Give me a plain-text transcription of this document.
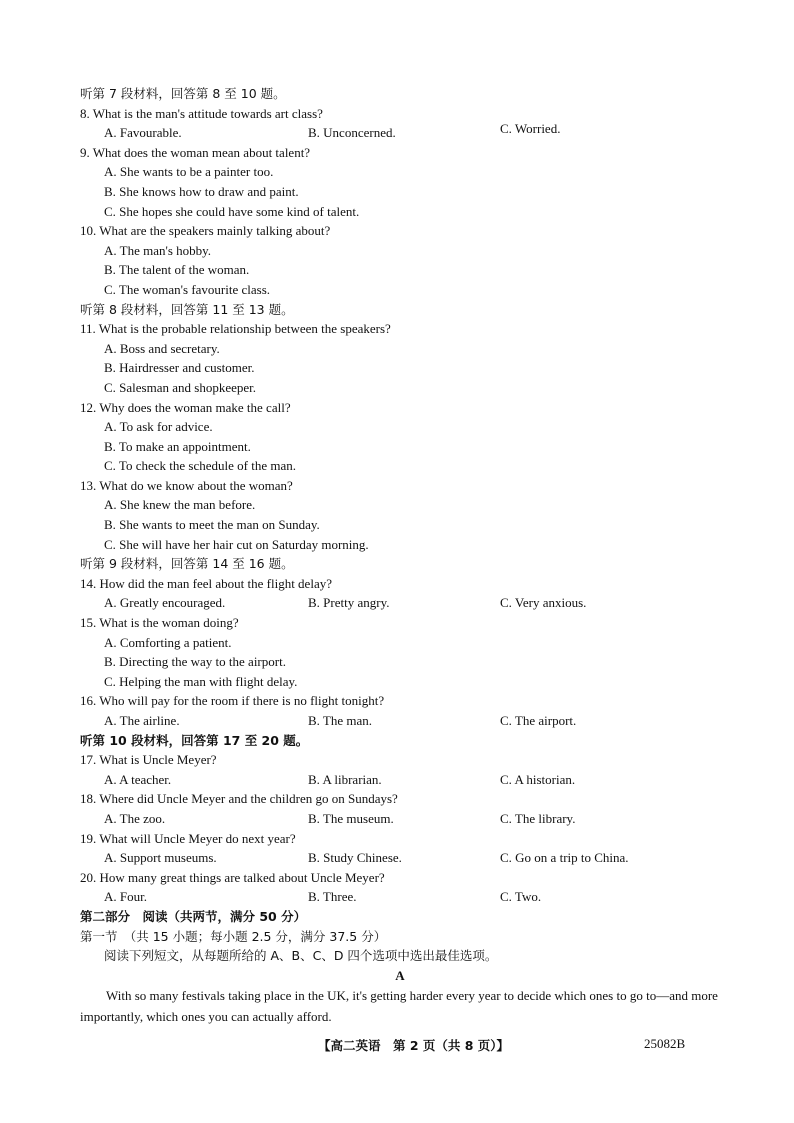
听第 7 段材料，回答第 8 至 10 题。
8. What is the man's attitude towards art class?
A. Favourable.	B. Unconcerned.	C. Worried.
9. What does the woman mean about talent?
A. She wants to be a painter too.
B. She knows how to draw and paint.
C. She hopes she could have some kind of talent.
10. What are the speakers mainly talking about?
A. The man's hobby.
B. The talent of the woman.
C. The woman's favourite class.
听第 8 段材料，回答第 11 至 13 题。
11. What is the probable relationship between the speakers?
A. Boss and secretary.
B. Hairdresser and customer.
C. Salesman and shopkeeper.
12. Why does the woman make the call?
A. To ask for advice.
B. To make an appointment.
C. To check the schedule of the man.
13. What do we know about the woman?
A. She knew the man before.
B. She wants to meet the man on Sunday.
C. She will have her hair cut on Saturday morning.
听第 9 段材料，回答第 14 至 16 题。
14. How did the man feel about the flight delay?
A. Greatly encouraged.	B. Pretty angry.	C. Very anxious.
15. What is the woman doing?
A. Comforting a patient.
B. Directing the way to the airport.
C. Helping the man with flight delay.
16. Who will pay for the room if there is no flight tonight?
A. The airline.	B. The man.	C. The airport.
听第 10 段材料，回答第 17 至 20 题。
17. What is Uncle Meyer?
A. A teacher.	B. A librarian.	C. A historian.
18. Where did Uncle Meyer and the children go on Sundays?
A. The zoo.	B. The museum.	C. The library.
19. What will Uncle Meyer do next year?
A. Support museums.	B. Study Chinese.	C. Go on a trip to China.
20. How many great things are talked about Uncle Meyer?
A. Four.	B. Three.	C. Two.
第二部分　阅读（共两节，满分 50 分）
第一节　（共 15 小题；每小题 2.5 分，满分 37.5 分）
阅读下列短文，从每题所给的 A、B、C、D 四个选项中选出最佳选项。
A

With so many festivals taking place in the UK, it's getting harder every year to decide which ones to go to—and more importantly, which ones you can actually afford.

【高二英语　第 2 页（共 8 页）】	25082B
